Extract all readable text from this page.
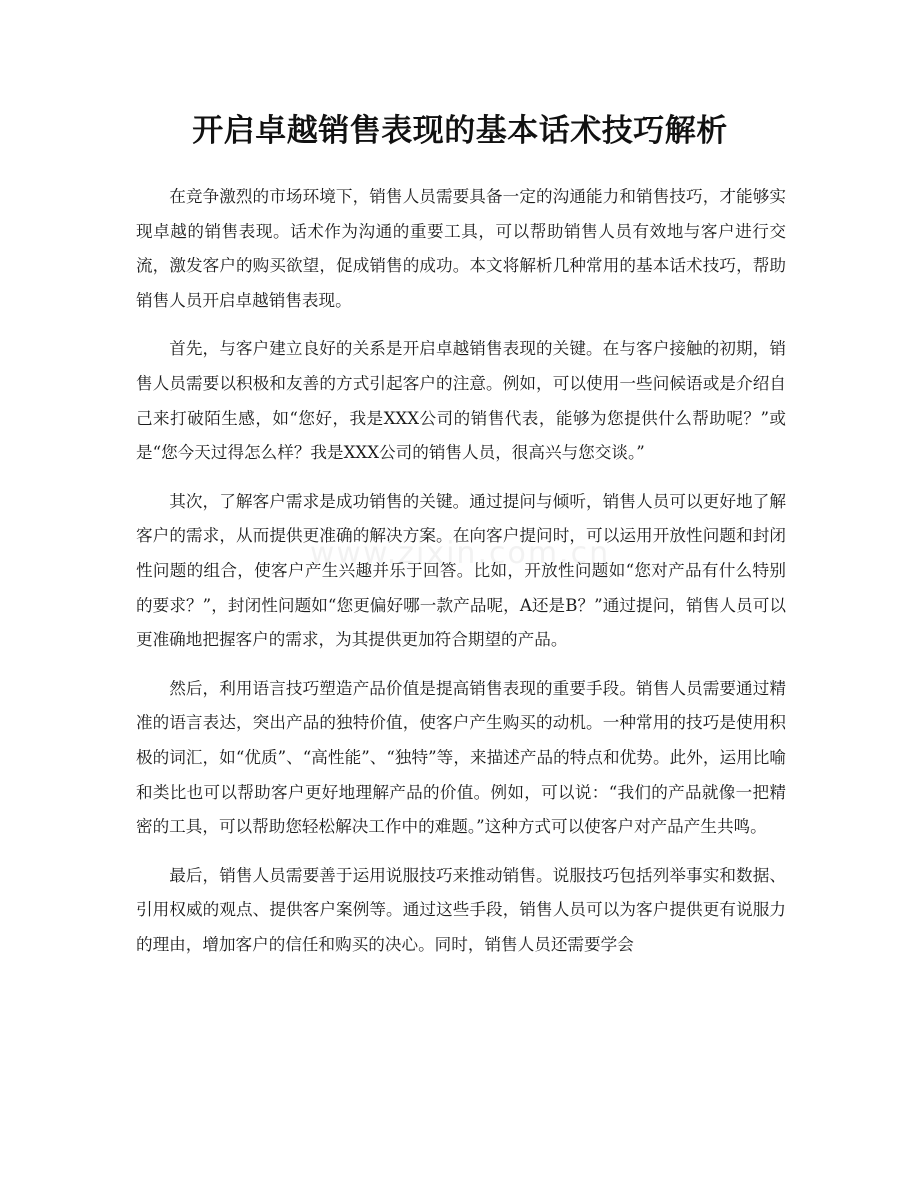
开启卓越销售表现的基本话术技巧解析
www.zixin.com.cn

在竞争激烈的市场环境下，销售人员需要具备一定的沟通能力和销售技巧，才能够实现卓越的销售表现。话术作为沟通的重要工具，可以帮助销售人员有效地与客户进行交流，激发客户的购买欲望，促成销售的成功。本文将解析几种常用的基本话术技巧，帮助销售人员开启卓越销售表现。

首先，与客户建立良好的关系是开启卓越销售表现的关键。在与客户接触的初期，销售人员需要以积极和友善的方式引起客户的注意。例如，可以使用一些问候语或是介绍自己来打破陌生感，如“您好，我是XXX公司的销售代表，能够为您提供什么帮助呢？”或是“您今天过得怎么样？我是XXX公司的销售人员，很高兴与您交谈。”

其次，了解客户需求是成功销售的关键。通过提问与倾听，销售人员可以更好地了解客户的需求，从而提供更准确的解决方案。在向客户提问时，可以运用开放性问题和封闭性问题的组合，使客户产生兴趣并乐于回答。比如，开放性问题如“您对产品有什么特别的要求？”，封闭性问题如“您更偏好哪一款产品呢，A还是B？”通过提问，销售人员可以更准确地把握客户的需求，为其提供更加符合期望的产品。

然后，利用语言技巧塑造产品价值是提高销售表现的重要手段。销售人员需要通过精准的语言表达，突出产品的独特价值，使客户产生购买的动机。一种常用的技巧是使用积极的词汇，如“优质”、“高性能”、“独特”等，来描述产品的特点和优势。此外，运用比喻和类比也可以帮助客户更好地理解产品的价值。例如，可以说：“我们的产品就像一把精密的工具，可以帮助您轻松解决工作中的难题。”这种方式可以使客户对产品产生共鸣。

最后，销售人员需要善于运用说服技巧来推动销售。说服技巧包括列举事实和数据、引用权威的观点、提供客户案例等。通过这些手段，销售人员可以为客户提供更有说服力的理由，增加客户的信任和购买的决心。同时，销售人员还需要学会
